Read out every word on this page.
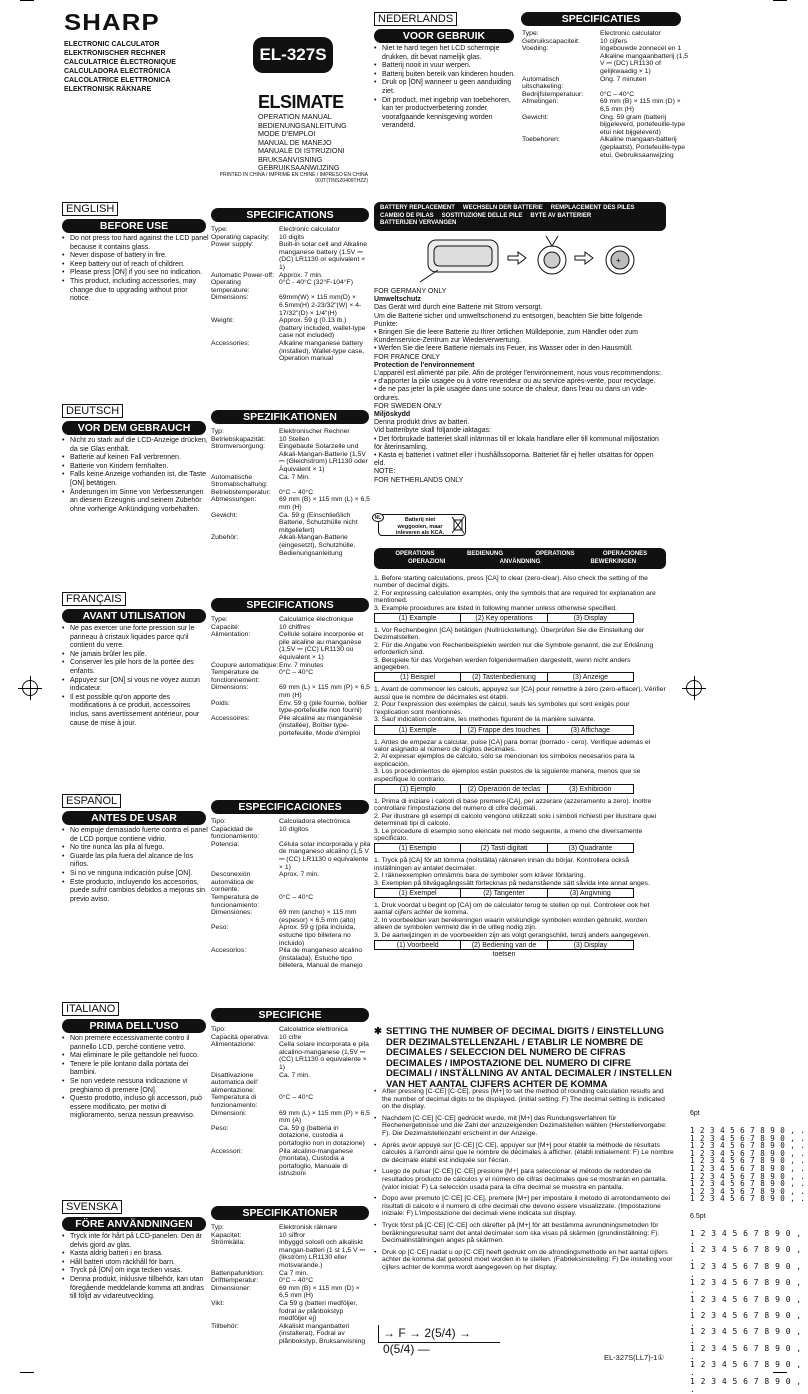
SHARP
ELECTRONIC CALCULATOR
ELEKTRONISCHER RECHNER
CALCULATRICE ÉLECTRONIQUE
CALCULADORA ELECTRÓNICA
CALCOLATRICE ELETTRONICA
ELEKTRONISK RÄKNARE
EL-327S
ELSIMATE
OPERATION MANUAL
BEDIENUNGSANLEITUNG
MODE D'EMPLOI
MANUAL DE MANEJO
MANUALE DI ISTRUZIONI
BRUKSANVISNING
GEBRUIKSAANWIJZING
PRINTED IN CHINA / IMPRIMÉ EN CHINE / IMPRESO EN CHINA
00JT(TINSZ0409THZZ)
ENGLISH
BEFORE USE
• Do not press too hard against the LCD panel because it contains glass.
• Never dispose of battery in fire.
• Keep battery out of reach of children.
• Please press [ON] if you see no indication.
• This product, including accessories, may change due to upgrading without prior notice.
SPECIFICATIONS
Type:	Electronic calculator
Operating capacity:	10 digits
Power supply:	Built-in solar cell and Alkaline manganese battery (1.5V ⎓ (DC) LR1130 or equivalent × 1)
Automatic Power-off: Approx. 7 min.
Operating temperature:
0°C - 40°C (32°F-104°F)
Dimensions:	69mm(W) × 115 mm(D) × 6.5mm(H) 2-23/32"(W) × 4-17/32"(D) × 1/4"(H)
Weight:	Approx. 59 g (0.13 lb.) (battery included, wallet-type case not included)
Accessories:	Alkaline manganese battery (installed), Wallet-type case, Operation manual
DEUTSCH
VOR DEM GEBRAUCH
• Nicht zu stark auf die LCD-Anzeige drücken, da sie Glas enthält.
• Batterie auf keinen Fall verbrennen.
• Batterie von Kindern fernhalten.
• Falls keine Anzeige vorhanden ist, die Taste [ON] betätigen.
• Änderungen im Sinne von Verbesserungen an diesem Erzeugnis und seinem Zubehör ohne vorherige Ankündigung vorbehalten.
SPEZIFIKATIONEN
Typ:	Elektronischer Rechner
Betriebskapazität:	10 Stellen
Stromversorgung:	Eingebaute Solarzelle und Alkali-Mangan-Batterie (1,5V ⎓ (Gleichstrom) LR1130 oder Äquivalent × 1)
Automatische Stromabschaltung:
Ca. 7 Min.
Betriebstemperatur:	0°C – 40°C
Abmessungen:	69 mm (B) × 115 mm (L) × 6,5 mm (H)
Gewicht:	Ca. 59 g (Einschließlich Batterie, Schutzhülle nicht mitgeliefert)
Zubehör:	Alkali-Mangan-Batterie (eingesetzt), Schutzhülle, Bedienungsanleitung
FRANÇAIS
AVANT UTILISATION
• Ne pas exercer une forte pression sur le panneau à cristaux liquides parce qu'il contient du verre.
• Ne jamais brûler les pile.
• Conserver les pile hors de la portée des enfants.
• Appuyez sur [ON] si vous ne voyez aucun indicateur.
• Il est possible qu'on apporte des modifications à ce produit, accessoires inclus, sans avertissement antérieur, pour cause de mise à jour.
SPECIFICATIONS
Type:	Calculatrice électronique
Capacité:	10 chiffres
Alimentation:	Cellule solaire incorporée et pile alcaline au manganèse (1,5V ⎓ (CC) LR1130 ou équivalent × 1)
Coupure automatique: Env. 7 minutes
Température de fonctionnement:
0°C – 40°C
Dimensions:	69 mm (L) × 115 mm (P) × 6,5 mm (H)
Poids:	Env. 59 g (pile fournie, boîtier type-portefeuille non fourni)
Accessoires:	Pile alcaline au manganèse (installée), Boîtier type-portefeuille, Mode d'emploi
ESPAÑOL
ANTES DE USAR
• No empuje demasiado fuerte contra el panel de LCD porque contiene vidrio.
• No tire nunca las pila al fuego.
• Guarde las pila fuera del alcance de los niños.
• Si no ve ninguna indicación pulse [ON].
• Este producto, incluyendo los accesorios, puede sufrir cambios debidos a mejoras sin previo aviso.
ESPECIFICACIONES
Tipo:	Calculadora electrónica
Capacidad de funcionamiento:
10 dígitos
Potencia:	Célula solar incorporada y pila de manganeso alcalino (1,5 V ⎓ (CC) LR1130 o equivalente × 1)
Desconexión automática de corriente:
Aprox. 7 min.
Temperatura de funcionamiento:
0°C – 40°C
Dimensiones:	69 mm (ancho) × 115 mm (espesor) × 6,5 mm (alto)
Peso:	Aprox. 59 g (pila incluida, estuche tipo billetera no incluido)
Accesorios:	Pila de manganeso alcalino (instalada), Estuche tipo billetera, Manual de manejo
ITALIANO
PRIMA DELL'USO
• Non premere eccessivamente contro il pannello LCD, perché contiene vetro.
• Mai eliminare le pile gettandole nel fuoco.
• Tenere le pile lontano dalla portata dei bambini.
• Se non vedete nessuna indicazione vi preghiamo di premere [ON].
• Questo prodotto, incluso gli accessori, può essere modificato, per motivi di miglioramento, senza nessun preavviso.
SPECIFICHE
Tipo:	Calcolatrice elettronica
Capacità operativa:	10 cifre
Alimentazione:	Cella solare incorporata e pila alcalino-manganese (1,5V ⎓ (CC) LR1130 o equivalente × 1)
Disattivazione automatica dell' alimentazione:
Ca. 7 min.
Temperatura di funzionamento:
0°C – 40°C
Dimensioni:	69 mm (L) × 115 mm (P) × 6,5 mm (A)
Peso:	Ca. 59 g (batteria in dotazione, custodia a portafoglio non in dotazione)
Accessori:	Pila alcalino-manganese (montata), Custodia a portafoglio, Manuale di istruzioni
SVENSKA
FÖRE ANVÄNDNINGEN
• Tryck inte för hårt på LCD-panelen. Den är delvis gjord av glas.
• Kasta aldrig batteri i en brasa.
• Håll batteri utom räckhåll för barn.
• Tryck på [ON] om inga tecken visas.
• Denna produkt, inklusive tillbehör, kan utan föregående meddelande komma att ändras till följd av vidareutveckling.
SPECIFIKATIONER
Typ:	Elektronisk räknare
Kapacitet:	10 siffror
Strömkälla:	Inbyggd solcell och alkaliskt mangan-batteri (1 st 1,5 V ⎓ (likström) LR1130 eller motsvarande.)
Batteripafunktion:	Ca 7 min.
Drifttemperatur:	0°C – 40°C
Dimensioner:	69 mm (B) × 115 mm (D) × 6,5 mm (H)
Vikt:	Ca 59 g (batteri medföljer, fodral av plånbokstyp medföljer ej)
Tillbehör:	Alkaliskt manganbatteri (installerat), Fodral av plånbokstyp, Bruksanvisning
NEDERLANDS
VOOR GEBRUIK
• Niet te hard tegen het LCD schermpje drukken, dit bevat namelijk glas.
• Batterij nooit in vuur werpen.
• Batterij buiten bereik van kinderen houden.
• Druk op [ON] wanneer u geen aanduiding ziet.
• Dit product, met ingebrip van toebehoren, kan ter productverbetering zonder voorafgaande kennisgeving worden veranderd.
SPECIFICATIES
Type:	Electronic calculator
Gebruikscapaciteit:	10 cijfers
Voeding:	Ingebouwde zonnecel en 1 Alkaline mangaanbatterij (1,5 V ⎓ (DC) LR1130 of gelijkwaadig × 1)
Automatisch uitschakeling:
Ong. 7 minuten
Bedrijfstemperatuur:	0°C – 40°C
Afmetingen:	69 mm (B) × 115 mm (D) × 6,5 mm (H)
Gewicht:	Ong. 59 gram (batterij bijgeleverd, portefeuille-type etui niet bijgeleverd)
Toebehoren:	Alkaline mangaan-batterij (geplaatst), Portefeuille-type etui, Gebruiksaanwijzing
BATTERY REPLACEMENT WECHSELN DER BATTERIE REMPLACEMENT DES PILES
CAMBIO DE PILAS SOSTITUZIONE DELLE PILE BYTE AV BATTERIER
BATTERIJEN VERVANGEN
+
FOR GERMANY ONLY
Umweltschutz
Das Gerät wird durch eine Batterie mit Strom versorgt.
Um die Batterie sicher und umweltschonend zu entsorgen, beachten Sie bitte folgende Punkte:
• Bringen Sie die leere Batterie zu Ihrer örtlichen Mülldeponie, zum Händler oder zum Kundenservice-Zentrum zur Wiederverwertung.
• Werfen Sie die leere Batterie niemals ins Feuer, ins Wasser oder in den Hausmüll.
FOR FRANCE ONLY
Protection de l'environnement
L'appareil est alimenté par pile. Afin de protéger l'environnement, nous vous recommendons:
• d'apporter la pile usagée ou à votre revendeur ou au service après-vente, pour recyclage.
• de ne pas jeter la pile usagée dans une source de chaleur, dans l'eau ou dans un vide-ordures.
FOR SWEDEN ONLY
Miljöskydd
Denna produkt drivs av batteri.
Vid batteribyte skall följande iaktagas:
• Det förbrukade batteriet skall inlämnas till er lokala handlare eller till kommunal miljöstation för återinsamling.
• Kasta ej batteriet i vattnet eller i hushållssoporna. Batteriet får ej heller utsättas för öppen eld.
NOTE:
FOR NETHERLANDS ONLY
Batterij niet weggooien, maar inleveren als KCA.
NL
OPERATIONS	BEDIENUNG	OPERATIONS	OPERACIONES
OPERAZIONI	ANVÄNDNING	BEWERKINGEN
1. Before starting calculations, press [CA] to clear (zero-clear). Also check the setting of the number of decimal digits.
2. For expressing calculation examples, only the symbols that are required for explanation are mentioned.
3. Example procedures are listed in following manner unless otherwise specified.
(1) Example	(2) Key operations	(3) Display
1. Vor Rechenbeginn [CA] betätigen (Nullrückstellung). Überprüfen Sie die Einstellung der Dezimalstellen.
2. Für die Angabe von Rechenbeispielen werden nur die Symbole genannt, die zur Erklärung erforderlich sind.
3. Beispiele für das Vorgehen werden folgendermaßen dargestellt, wenn nicht anders angegeben.
(1) Beispiel	(2) Tastenbedienung	(3) Anzeige
1. Avant de commencer les calculs, appuyez sur [CA] pour remettre à zéro (zéro-effacer). Vérifier aussi que le nombre de décimales est établi.
2. Pour l'expression des exemples de calcul, seuls les symboles qui sont exigés pour l'explication sont mentionnés.
3. Sauf indication contraire, les methodes figurent de la manière suivante.
(1) Exemple	(2) Frappe des touches	(3) Affichage
1. Antes de empezar a calcular, pulse [CA] para borrar (borrado - cero). Verifique además el valor asignado al número de dígitos decimales.
2. Al expresar ejemplos de cálculo, sólo se mencionan los símbolos necesarios para la explicación.
3. Los procedimientos de ejemplos están puestos de la siguiente manera, menos que se especifique lo contrario.
(1) Ejemplo	(2) Operación de teclas	(3) Exhibición
1. Prima di iniziare i calcoli di base premere [CA], per azzerare (azzeramento a zero). Inoltre controllare l'impostazione del numero di cifre decimali.
2. Per illustrare gli esempi di calcolo vengono utilizzati solo i simboli richiesti per illustrare quei determinati tipi di calcolo.
3. Le procedure di esempio sono elencate nel modo seguente, a meno che diversamente specificato.
(1) Esempio	(2) Tasti digitati	(3) Quadrante
1. Tryck på [CA] för att tömma (nollställa) räknaren innan du börjar. Kontrollera också inställningen av antalet decimaler.
2. I räkneexemplen omnämns bara de symboler som kräver förklaring.
3. Exemplen på tillvägagångssätt förtecknas på nedanstående sätt såvida inte annat anges.
(1) Exempel	(2) Tangenter	(3) Angivning
1. Druk voordat u begint op [CA] om de calculator terug te stellen op nul. Controleer ook het aantal cijfers achter de komma.
2. In voorbeelden van berekeningen waarin wiskundige symbolen worden gebruikt, worden alleen de symbolen vermeld die in de uitleg nodig zijn.
3. De aanwijzingen in de voorbeelden zijn als volgt gerangschikt, tenzij anders aangegeven.
(1) Voorbeeld	(2) Bediening van de toetsen
(3) Display
✱ SETTING THE NUMBER OF DECIMAL DIGITS / EINSTELLUNG DER DEZIMALSTELLENZAHL / ETABLIR LE NOMBRE DE DECIMALES / SELECCION DEL NUMERO DE CIFRAS DECIMALES / IMPOSTAZIONE DEL NUMERO DI CIFRE DECIMALI / INSTÄLLNING AV ANTAL DECIMALER / INSTELLEN VAN HET AANTAL CIJFERS ACHTER DE KOMMA
• After pressing [C·CE] [C·CE], press [M+] to set the method of rounding calculation results and the number of decimal digits to be displayed. (initial setting: F) The decimal setting is indicated on the display.
• Nachdem [C·CE] [C·CE] gedrückt wurde, mit [M+] das Rundungsverfahren für Rechenergebnisse und die Zahl der anzuzeigenden Dezimalstellen wählen (Herstellervorgabe: F). Die Dezimalstellenzahl erscheint in der Anzeige.
• Après avoir appuyé sur [C·CE] [C·CE], appuyer sur [M+] pour établir la méthode de résultats calculés à l'arrondi ainsi que le nombre de décimales à afficher. (établi initialement: F) Le nombre de décimale établi est indiquée sur l'écran.
• Luego de pulsar [C·CE] [C·CE] presione [M+] para seleccionar el método de redondeo de resultados producto de cálculos y el número de cifras decimales que se mostrarán en pantalla. (valor inicial: F) La selección usada para la cifra decimal se muestra en pantalla.
• Dopo aver premuto [C·CE] [C·CE], premere [M+] per impostare il metodo di arrotondamento dei risultati di calcolo e il numero di cifre decimali che devono essere visualizzate. (Impostazione iniziale: F) L'impostazione dei decimali viene indicata sul display.
• Tryck först på [C·CE] [C·CE] och därefter på [M+] för att bestämma avrundningsmetoden för beräkningsresultat samt det antal decimaler som ska visas på skärmen (grundinställning: F). Decimalinställningen anges på skärmen.
• Druk op [C·CE] nadat u op [C·CE] heeft gedrukt om de afrondingsmethode en het aantal cijfers achter de komma dat getoond moet worden in te stellen. (Fabrieksinstelling: F) De instelling voor cijfers achter de komma wordt aangegeven op het display.
→ F → 2(5/4) → 0(5/4) —
EL-327S(LL7)-1①
6pt
1 2 3 4 5 6 7 8 9 0 , .
1 2 3 4 5 6 7 8 9 0 , .
1 2 3 4 5 6 7 8 9 0 , .
1 2 3 4 5 6 7 8 9 0 , .
1 2 3 4 5 6 7 8 9 0 , .
1 2 3 4 5 6 7 8 9 0 , .
1 2 3 4 5 6 7 8 9 0 , .
1 2 3 4 5 6 7 8 9 0 , .
1 2 3 4 5 6 7 8 9 0 , .
1 2 3 4 5 6 7 8 9 0 , .
6.5pt
1 2 3 4 5 6 7 8 9 0 , .
1 2 3 4 5 6 7 8 9 0 , .
1 2 3 4 5 6 7 8 9 0 , .
1 2 3 4 5 6 7 8 9 0 , .
1 2 3 4 5 6 7 8 9 0 , .
1 2 3 4 5 6 7 8 9 0 , .
1 2 3 4 5 6 7 8 9 0 , .
1 2 3 4 5 6 7 8 9 0 , .
1 2 3 4 5 6 7 8 9 0 , .
1 2 3 4 5 6 7 8 9 0 , .
